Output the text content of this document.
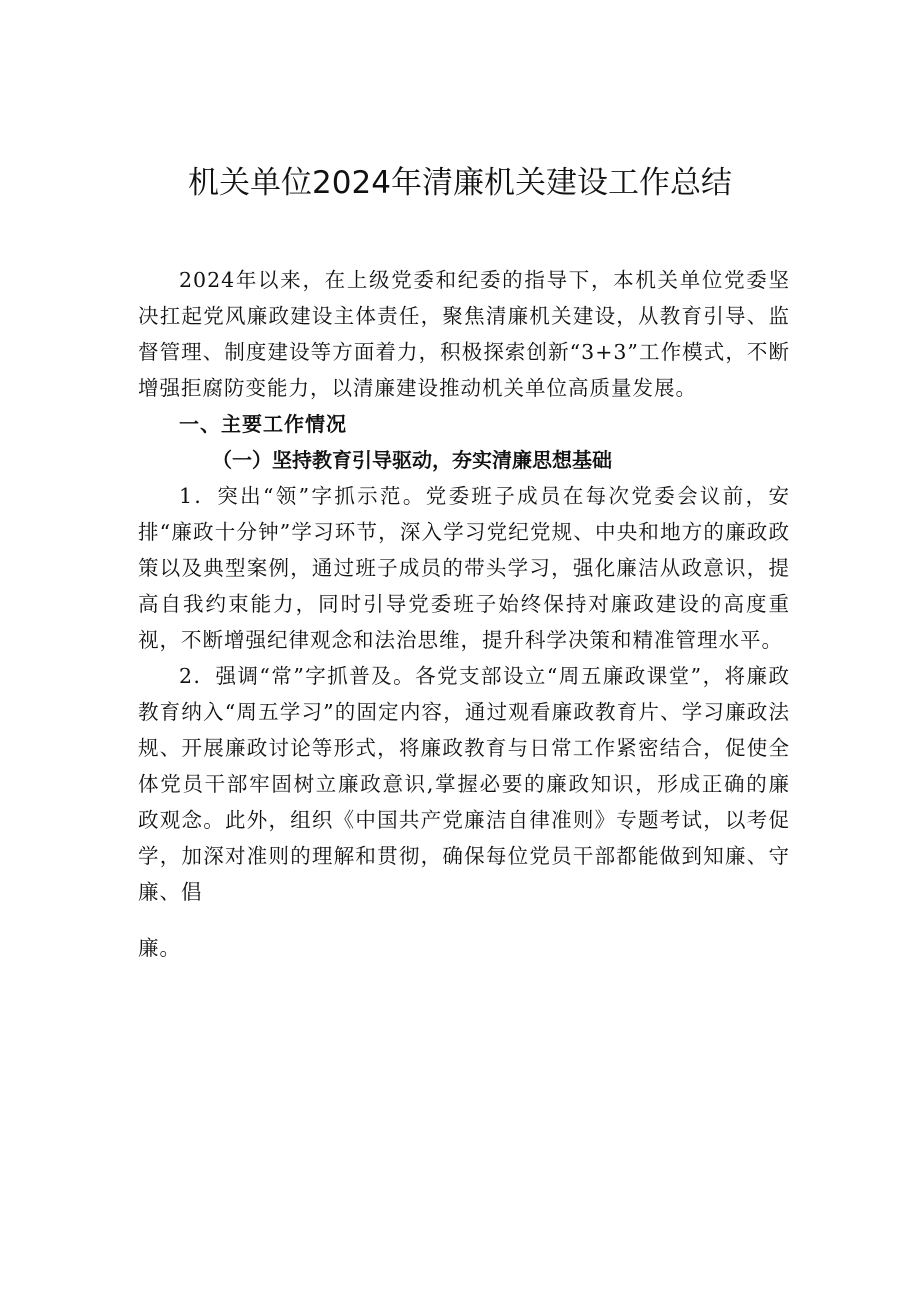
机关单位2024年清廉机关建设工作总结

2024年以来，在上级党委和纪委的指导下，本机关单位党委坚决扛起党风廉政建设主体责任，聚焦清廉机关建设，从教育引导、监督管理、制度建设等方面着力，积极探索创新“3+3”工作模式，不断增强拒腐防变能力，以清廉建设推动机关单位高质量发展。

一、主要工作情况
（一）坚持教育引导驱动，夯实清廉思想基础

1．突出“领”字抓示范。党委班子成员在每次党委会议前，安排“廉政十分钟”学习环节，深入学习党纪党规、中央和地方的廉政政策以及典型案例，通过班子成员的带头学习，强化廉洁从政意识，提高自我约束能力，同时引导党委班子始终保持对廉政建设的高度重视，不断增强纪律观念和法治思维，提升科学决策和精准管理水平。

2．强调“常”字抓普及。各党支部设立“周五廉政课堂”，将廉政教育纳入“周五学习”的固定内容，通过观看廉政教育片、学习廉政法规、开展廉政讨论等形式，将廉政教育与日常工作紧密结合，促使全体党员干部牢固树立廉政意识,掌握必要的廉政知识，形成正确的廉政观念。此外，组织《中国共产党廉洁自律准则》专题考试，以考促学，加深对准则的理解和贯彻，确保每位党员干部都能做到知廉、守廉、倡

廉。
